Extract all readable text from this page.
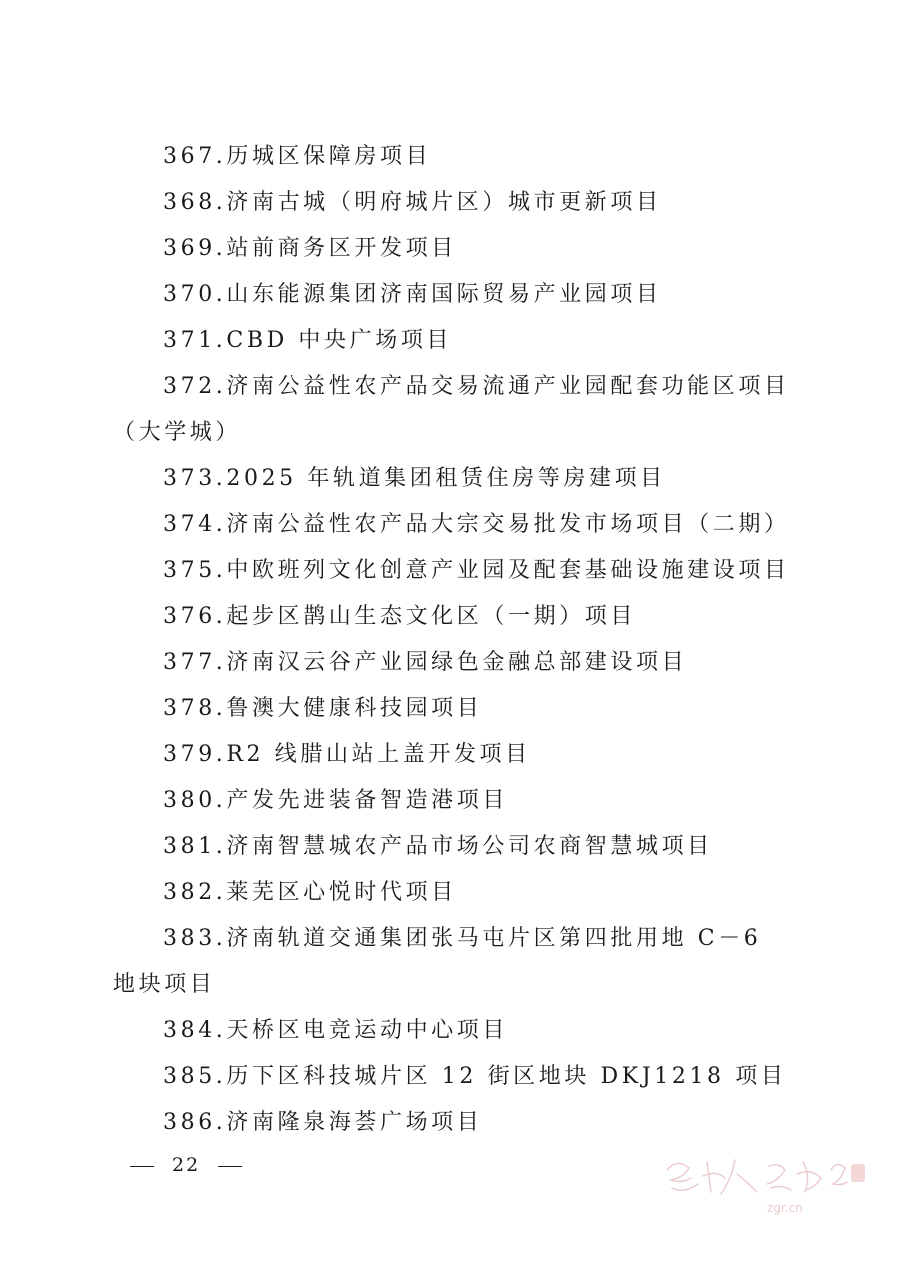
367.历城区保障房项目

368.济南古城（明府城片区）城市更新项目

369.站前商务区开发项目

370.山东能源集团济南国际贸易产业园项目

371.CBD 中央广场项目

372.济南公益性农产品交易流通产业园配套功能区项目（大学城）

373.2025 年轨道集团租赁住房等房建项目

374.济南公益性农产品大宗交易批发市场项目（二期）

375.中欧班列文化创意产业园及配套基础设施建设项目

376.起步区鹊山生态文化区（一期）项目

377.济南汉云谷产业园绿色金融总部建设项目

378.鲁澳大健康科技园项目

379.R2 线腊山站上盖开发项目

380.产发先进装备智造港项目

381.济南智慧城农产品市场公司农商智慧城项目

382.莱芜区心悦时代项目

383.济南轨道交通集团张马屯片区第四批用地 C－6 地块项目

384.天桥区电竞运动中心项目

385.历下区科技城片区 12 街区地块 DKJ1218 项目

386.济南隆泉海荟广场项目

22
zgr.cn
